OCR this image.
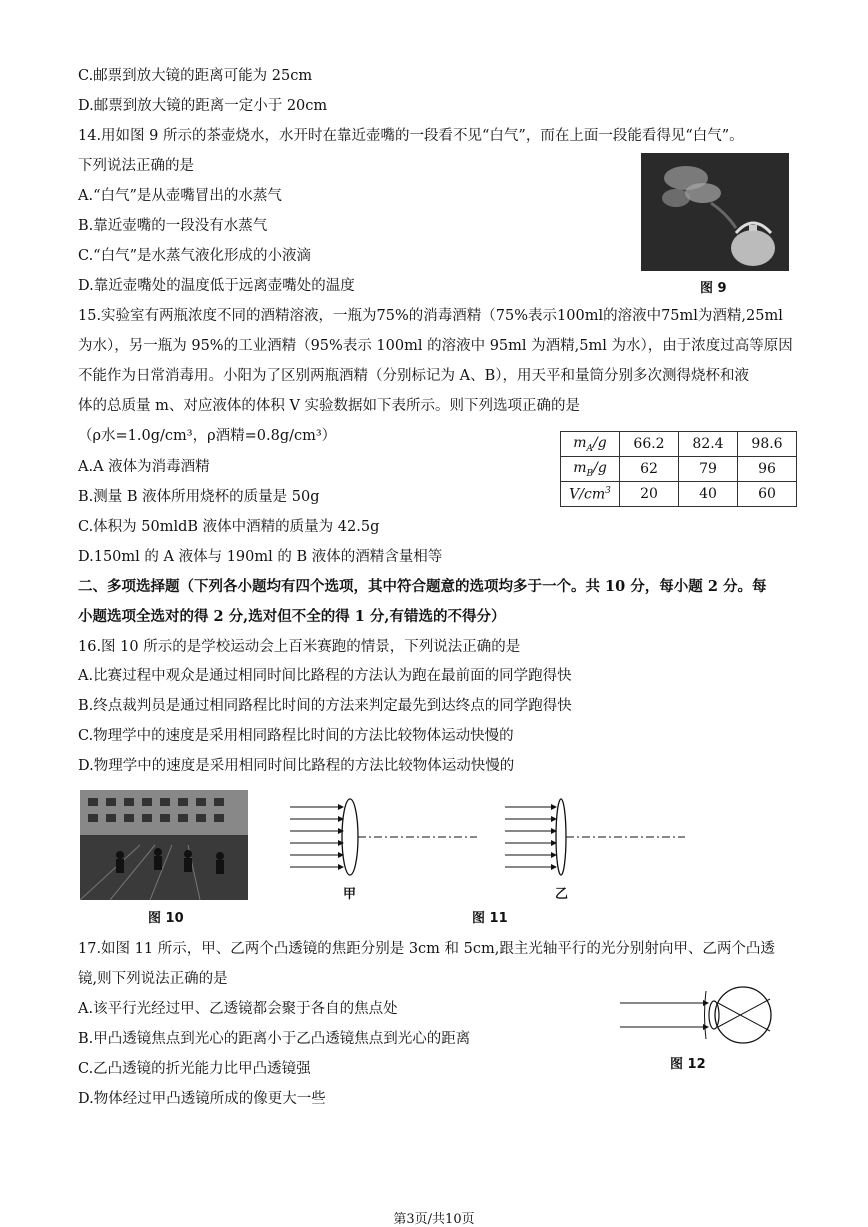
C.邮票到放大镜的距离可能为 25cm
D.邮票到放大镜的距离一定小于 20cm
14.用如图 9 所示的茶壶烧水，水开时在靠近壶嘴的一段看不见“白气”，而在上面一段能看得见“白气”。
下列说法正确的是
A.“白气”是从壶嘴冒出的水蒸气
B.靠近壶嘴的一段没有水蒸气
C.“白气”是水蒸气液化形成的小液滴
D.靠近壶嘴处的温度低于远离壶嘴处的温度
15.实验室有两瓶浓度不同的酒精溶液，一瓶为75%的消毒酒精（75%表示100ml的溶液中75ml为酒精,25ml
为水），另一瓶为 95%的工业酒精（95%表示 100ml 的溶液中 95ml 为酒精,5ml 为水），由于浓度过高等原因
不能作为日常消毒用。小阳为了区别两瓶酒精（分别标记为 A、B），用天平和量筒分别多次测得烧杯和液
体的总质量 m、对应液体的体积 V 实验数据如下表所示。则下列选项正确的是
（ρ水=1.0g/cm³，ρ酒精=0.8g/cm³）
A.A 液体为消毒酒精
B.测量 B 液体所用烧杯的质量是 50g
C.体积为 50mldB 液体中酒精的质量为 42.5g
D.150ml 的 A 液体与 190ml 的 B 液体的酒精含量相等
二、多项选择题（下列各小题均有四个选项，其中符合题意的选项均多于一个。共 10 分，每小题 2 分。每
小题选项全选对的得 2 分,选对但不全的得 1 分,有错选的不得分）
16.图 10 所示的是学校运动会上百米赛跑的情景，下列说法正确的是
A.比赛过程中观众是通过相同时间比路程的方法认为跑在最前面的同学跑得快
B.终点裁判员是通过相同路程比时间的方法来判定最先到达终点的同学跑得快
C.物理学中的速度是采用相同路程比时间的方法比较物体运动快慢的
D.物理学中的速度是采用相同时间比路程的方法比较物体运动快慢的
17.如图 11 所示，甲、乙两个凸透镜的焦距分别是 3cm 和 5cm,跟主光轴平行的光分别射向甲、乙两个凸透
镜,则下列说法正确的是
A.该平行光经过甲、乙透镜都会聚于各自的焦点处
B.甲凸透镜焦点到光心的距离小于乙凸透镜焦点到光心的距离
C.乙凸透镜的折光能力比甲凸透镜强
D.物体经过甲凸透镜所成的像更大一些
图 9
$m_A/g$	66.2	82.4	98.6
$m_B/g$	62	79	96
$V/cm^3$	20	40	60
图 10
甲	乙
图 11
图 12
第3页/共10页
